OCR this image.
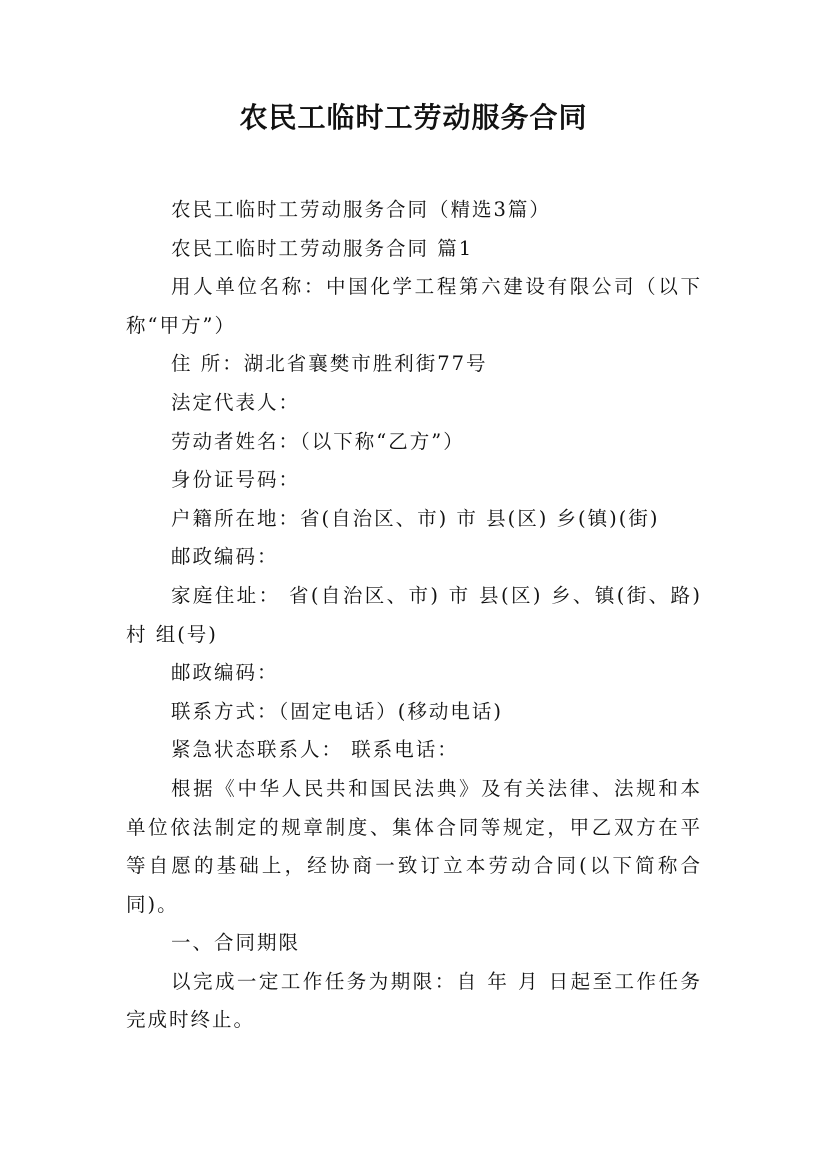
农民工临时工劳动服务合同

农民工临时工劳动服务合同（精选3篇）

农民工临时工劳动服务合同 篇1

用人单位名称：中国化学工程第六建设有限公司（以下称“甲方”）

住 所：湖北省襄樊市胜利街77号

法定代表人：

劳动者姓名：（以下称“乙方”）

身份证号码：

户籍所在地：省(自治区、市) 市 县(区) 乡(镇)(街)

邮政编码：

家庭住址： 省(自治区、市) 市 县(区) 乡、镇(街、路) 村 组(号)

邮政编码：

联系方式：（固定电话）(移动电话)

紧急状态联系人： 联系电话：

根据《中华人民共和国民法典》及有关法律、法规和本单位依法制定的规章制度、集体合同等规定，甲乙双方在平等自愿的基础上，经协商一致订立本劳动合同(以下简称合同)。

一、合同期限

以完成一定工作任务为期限：自 年 月 日起至工作任务完成时终止。
